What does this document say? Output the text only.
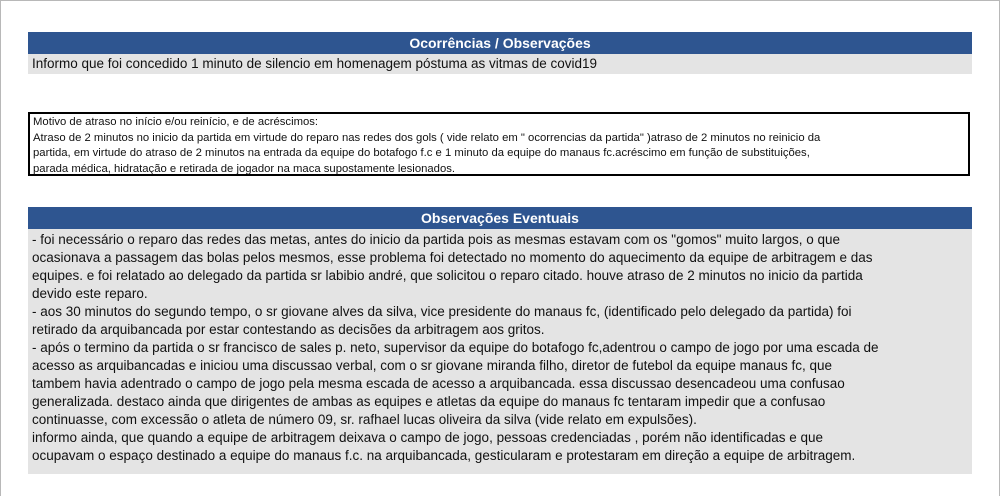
Ocorrências / Observações
Informo que foi concedido 1 minuto de silencio em homenagem póstuma as vitmas de covid19
Motivo de atraso no início e/ou reinício, e de acréscimos:
Atraso de 2 minutos no inicio da partida em virtude do reparo nas redes dos gols ( vide relato em " ocorrencias da partida" )atraso de 2 minutos no reinicio da
partida, em virtude do atraso de 2 minutos na entrada da equipe do botafogo f.c e 1 minuto da equipe do manaus fc.acréscimo em função de substituições,
parada médica, hidratação e retirada de jogador na maca supostamente lesionados.
Observações Eventuais
- foi necessário o reparo das redes das metas, antes do inicio da partida pois as mesmas estavam com os "gomos" muito largos, o que
ocasionava a passagem das bolas pelos mesmos, esse problema foi detectado no momento do aquecimento da equipe de arbitragem e das
equipes. e foi relatado ao delegado da partida sr labibio andré, que solicitou o reparo citado. houve atraso de 2 minutos no inicio da partida
devido este reparo.
- aos 30 minutos do segundo tempo, o sr giovane alves da silva, vice presidente do manaus fc, (identificado pelo delegado da partida) foi
retirado da arquibancada por estar contestando as decisões da arbitragem aos gritos.
- após o termino da partida o sr francisco de sales p. neto, supervisor da equipe do botafogo fc,adentrou o campo de jogo por uma escada de
acesso as arquibancadas e iniciou uma discussao verbal, com o sr giovane miranda filho, diretor de futebol da equipe manaus fc, que
tambem havia adentrado o campo de jogo pela mesma escada de acesso a arquibancada. essa discussao desencadeou uma confusao
generalizada. destaco ainda que dirigentes de ambas as equipes e atletas da equipe do manaus fc tentaram impedir que a confusao
continuasse, com excessão o atleta de número 09, sr. rafhael lucas oliveira da silva (vide relato em expulsões).
informo ainda, que quando a equipe de arbitragem deixava o campo de jogo, pessoas credenciadas , porém não identificadas e que
ocupavam o espaço destinado a equipe do manaus f.c. na arquibancada, gesticularam e protestaram em direção a equipe de arbitragem.
